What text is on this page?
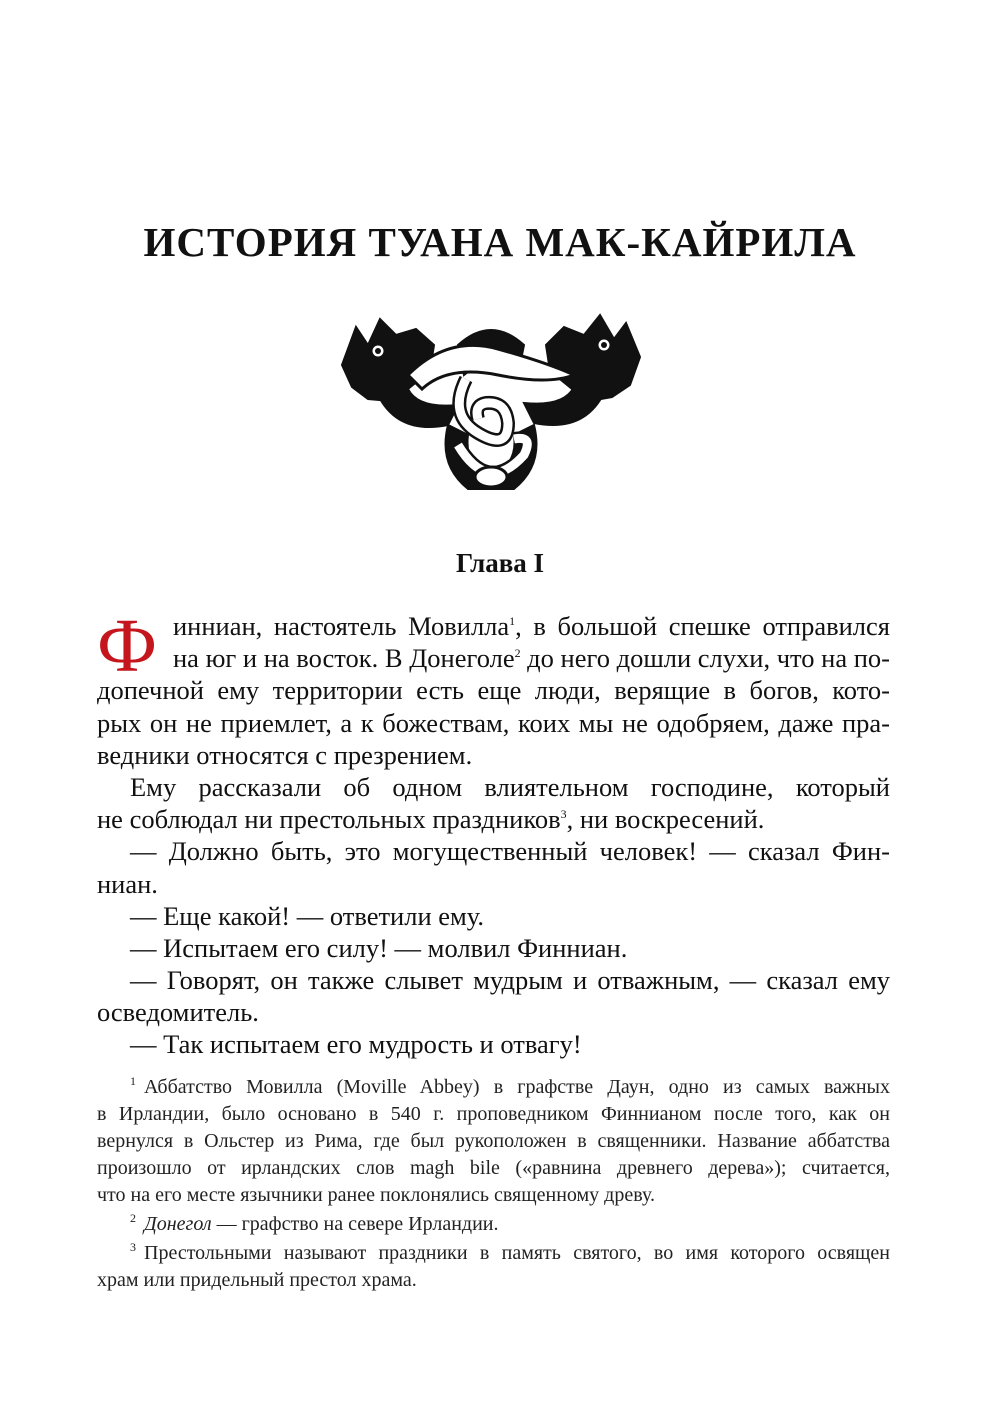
ИСТОРИЯ ТУАНА МАК-КАЙРИЛА
Глава I
Ф инниан, настоятель Мовилла$^1$, в большой спешке отправился
на юг и на восток. В Донеголе$^2$ до него дошли слухи, что на по-
допечной ему территории есть еще люди, верящие в богов, кото-
рых он не приемлет, а к божествам, коих мы не одобряем, даже пра-
ведники относятся с презрением.
Ему рассказали об одном влиятельном господине, который
не соблюдал ни престольных праздников$^3$, ни воскресений.
— Должно быть, это могущественный человек! — сказал Фин-
ниан.
— Еще какой! — ответили ему.
— Испытаем его силу! — молвил Финниан.
— Говорят, он также слывет мудрым и отважным, — сказал ему
осведомитель.
— Так испытаем его мудрость и отвагу!
$^1$ Аббатство Мовилла (Moville Abbey) в графстве Даун, одно из самых важных
в Ирландии, было основано в 540 г. проповедником Финнианом после того, как он
вернулся в Ольстер из Рима, где был рукоположен в священники. Название аббатства
произошло от ирландских слов magh bile («равнина древнего дерева»); считается,
что на его месте язычники ранее поклонялись священному древу.
$^2$ Донегол — графство на севере Ирландии.
$^3$ Престольными называют праздники в память святого, во имя которого освящен
храм или придельный престол храма.
